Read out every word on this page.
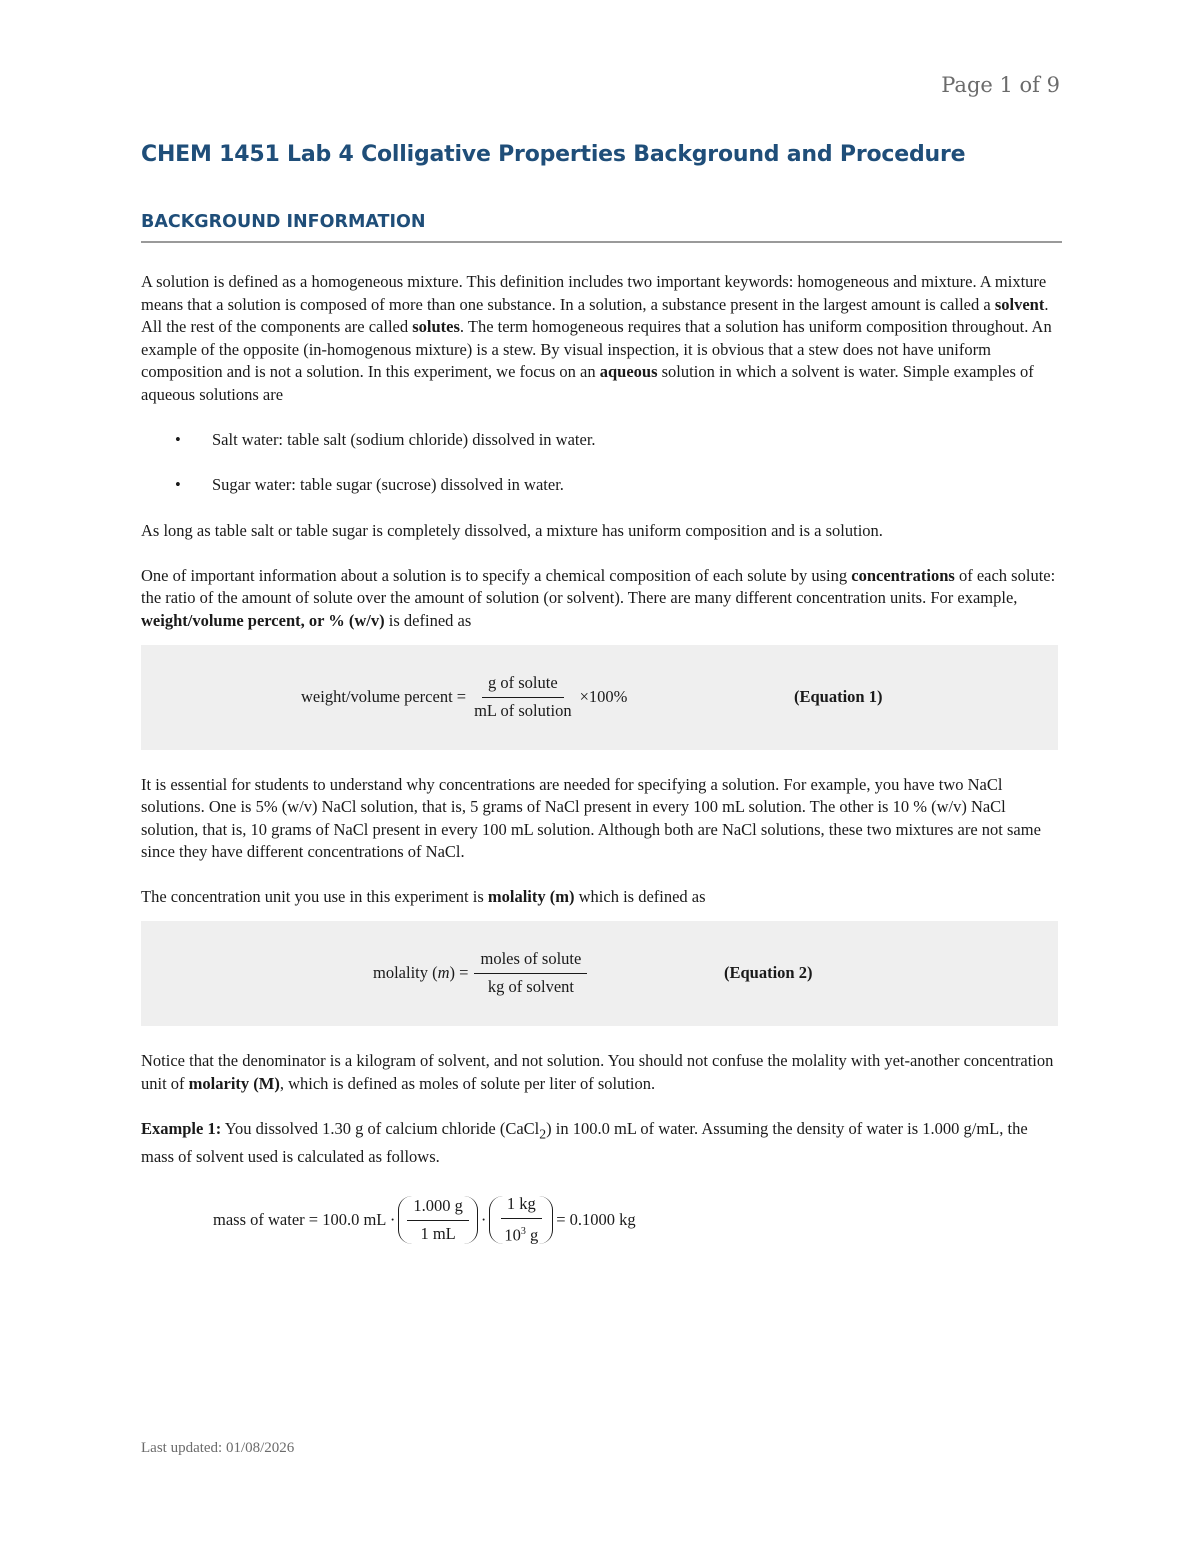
Page 1 of 9
CHEM 1451 Lab 4 Colligative Properties Background and Procedure
BACKGROUND INFORMATION

A solution is defined as a homogeneous mixture. This definition includes two important keywords: homogeneous and mixture. A mixture means that a solution is composed of more than one substance. In a solution, a substance present in the largest amount is called a solvent. All the rest of the components are called solutes. The term homogeneous requires that a solution has uniform composition throughout. An example of the opposite (in-homogenous mixture) is a stew. By visual inspection, it is obvious that a stew does not have uniform composition and is not a solution. In this experiment, we focus on an aqueous solution in which a solvent is water. Simple examples of aqueous solutions are

•	Salt water: table salt (sodium chloride) dissolved in water.
•	Sugar water: table sugar (sucrose) dissolved in water.

As long as table salt or table sugar is completely dissolved, a mixture has uniform composition and is a solution.

One of important information about a solution is to specify a chemical composition of each solute by using concentrations of each solute: the ratio of the amount of solute over the amount of solution (or solvent). There are many different concentration units. For example, weight/volume percent, or % (w/v) is defined as

weight/volume percent = $\frac{\text{g of solute}}{\text{mL of solution}} \times 100\%$	(Equation 1)

It is essential for students to understand why concentrations are needed for specifying a solution. For example, you have two NaCl solutions. One is 5% (w/v) NaCl solution, that is, 5 grams of NaCl present in every 100 mL solution. The other is 10 % (w/v) NaCl solution, that is, 10 grams of NaCl present in every 100 mL solution. Although both are NaCl solutions, these two mixtures are not same since they have different concentrations of NaCl.

The concentration unit you use in this experiment is molality (m) which is defined as

molality ( m ) = $\frac{\text{moles of solute}}{\text{kg of solvent}}$	(Equation 2)

Notice that the denominator is a kilogram of solvent, and not solution. You should not confuse the molality with yet-another concentration unit of molarity (M), which is defined as moles of solute per liter of solution.

Example 1: You dissolved 1.30 g of calcium chloride (CaCl$_2$) in 100.0 mL of water. Assuming the density of water is 1.000 g/mL, the mass of solvent used is calculated as follows.

mass of water = 100.0 mL · $\frac{1.000 g}{1 mL} \cdot \frac{1 kg}{10^3 g} = 0.1000$ kg
Last updated: 01/08/2026
